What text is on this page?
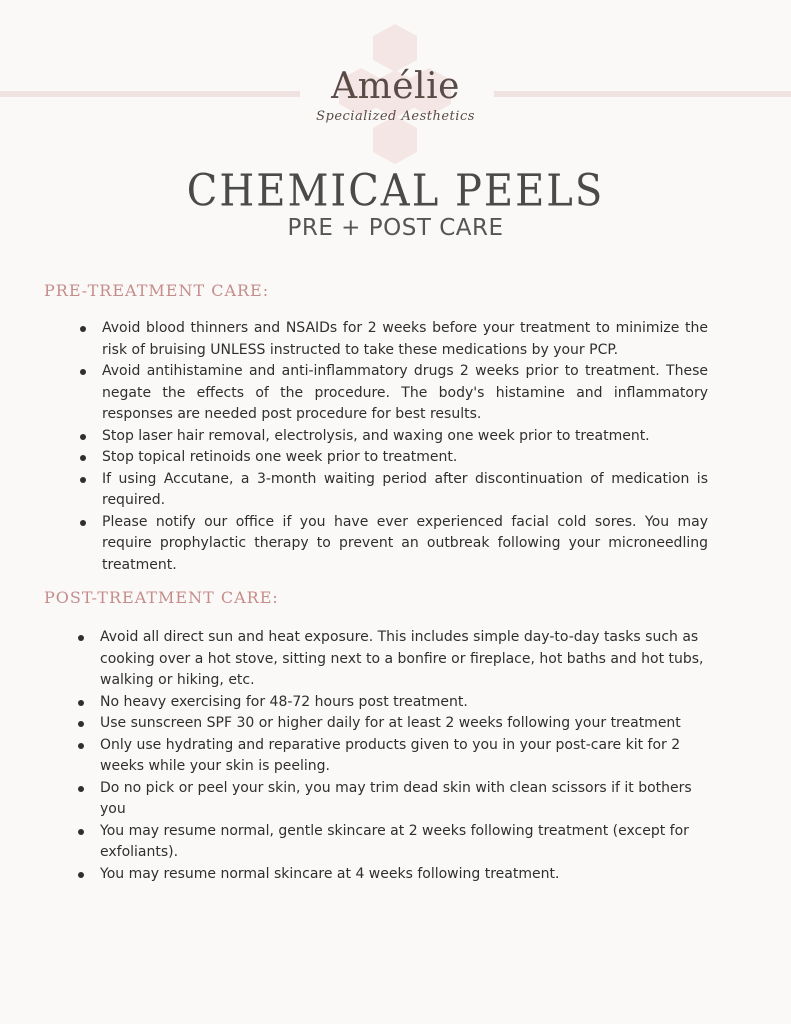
Amélie
Specialized Aesthetics
CHEMICAL PEELS
PRE + POST CARE
PRE-TREATMENT CARE:
Avoid blood thinners and NSAIDs for 2 weeks before your treatment to minimize the risk of bruising UNLESS instructed to take these medications by your PCP.
Avoid antihistamine and anti-inflammatory drugs 2 weeks prior to treatment. These negate the effects of the procedure. The body's histamine and inflammatory responses are needed post procedure for best results.
Stop laser hair removal, electrolysis, and waxing one week prior to treatment.
Stop topical retinoids one week prior to treatment.
If using Accutane, a 3-month waiting period after discontinuation of medication is required.
Please notify our office if you have ever experienced facial cold sores. You may require prophylactic therapy to prevent an outbreak following your microneedling treatment.
POST-TREATMENT CARE:
Avoid all direct sun and heat exposure. This includes simple day-to-day tasks such as cooking over a hot stove, sitting next to a bonfire or fireplace, hot baths and hot tubs, walking or hiking, etc.
No heavy exercising for 48-72 hours post treatment.
Use sunscreen SPF 30 or higher daily for at least 2 weeks following your treatment
Only use hydrating and reparative products given to you in your post-care kit for 2 weeks while your skin is peeling.
Do no pick or peel your skin, you may trim dead skin with clean scissors if it bothers you
You may resume normal, gentle skincare at 2 weeks following treatment (except for exfoliants).
You may resume normal skincare at 4 weeks following treatment.
